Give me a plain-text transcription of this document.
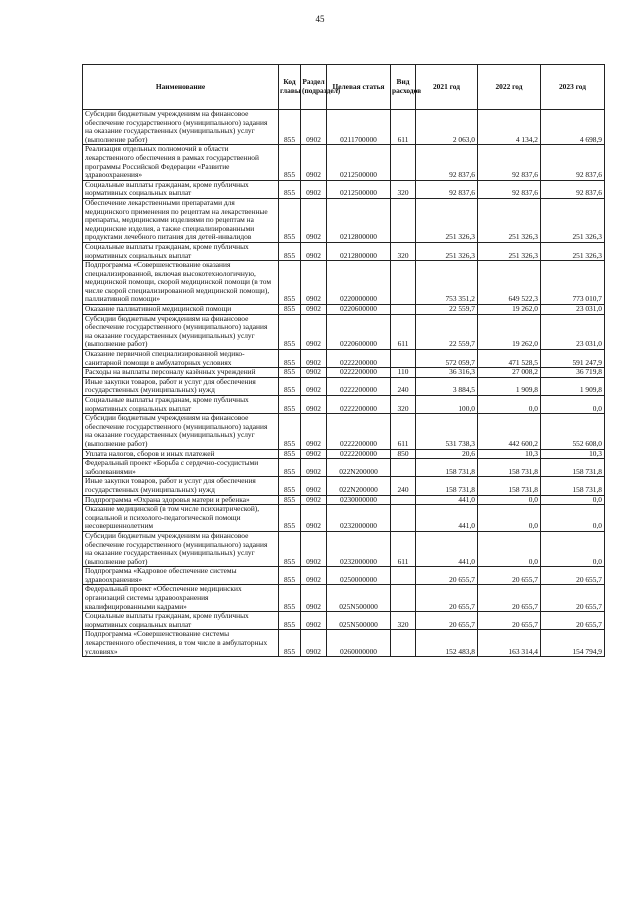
45
Наименование	Код главы	Раздел (подраздел)	Целевая статья	Вид расходов	2021 год	2022 год	2023 год
Субсидии бюджетным учреждениям на финансовое обеспечение государственного (муниципального) задания на оказание государственных (муниципальных) услуг (выполнение работ)	855	0902	0211700000	611	2 063,0	4 134,2	4 698,9
Реализация отдельных полномочий в области лекарственного обеспечения в рамках государственной программы Российской Федерации «Развитие здравоохранения»	855	0902	0212500000		92 837,6	92 837,6	92 837,6
Социальные выплаты гражданам, кроме публичных нормативных социальных выплат	855	0902	0212500000	320	92 837,6	92 837,6	92 837,6
Обеспечение лекарственными препаратами для медицинского применения по рецептам на лекарственные препараты, медицинскими изделиями по рецептам на медицинские изделия, а также специализированными продуктами лечебного питания для детей-инвалидов	855	0902	0212800000		251 326,3	251 326,3	251 326,3
Социальные выплаты гражданам, кроме публичных нормативных социальных выплат	855	0902	0212800000	320	251 326,3	251 326,3	251 326,3
Подпрограмма «Совершенствование оказания специализированной, включая высокотехнологичную, медицинской помощи, скорой медицинской помощи (в том числе скорой специализированной медицинской помощи), паллиативной помощи»	855	0902	0220000000		753 351,2	649 522,3	773 010,7
Оказание паллиативной медицинской помощи	855	0902	0220600000		22 559,7	19 262,0	23 031,0
Субсидии бюджетным учреждениям на финансовое обеспечение государственного (муниципального) задания на оказание государственных (муниципальных) услуг (выполнение работ)	855	0902	0220600000	611	22 559,7	19 262,0	23 031,0
Оказание первичной специализированной медико-санитарной помощи в амбулаторных условиях	855	0902	0222200000		572 059,7	471 528,5	591 247,9
Расходы на выплаты персоналу казённых учреждений	855	0902	0222200000	110	36 316,3	27 008,2	36 719,8
Иные закупки товаров, работ и услуг для обеспечения государственных (муниципальных) нужд	855	0902	0222200000	240	3 884,5	1 909,8	1 909,8
Социальные выплаты гражданам, кроме публичных нормативных социальных выплат	855	0902	0222200000	320	100,0	0,0	0,0
Субсидии бюджетным учреждениям на финансовое обеспечение государственного (муниципального) задания на оказание государственных (муниципальных) услуг (выполнение работ)	855	0902	0222200000	611	531 738,3	442 600,2	552 608,0
Уплата налогов, сборов и иных платежей	855	0902	0222200000	850	20,6	10,3	10,3
Федеральный проект «Борьба с сердечно-сосудистыми заболеваниями»	855	0902	022N200000		158 731,8	158 731,8	158 731,8
Иные закупки товаров, работ и услуг для обеспечения государственных (муниципальных) нужд	855	0902	022N200000	240	158 731,8	158 731,8	158 731,8
Подпрограмма «Охрана здоровья матери и ребенка»	855	0902	0230000000		441,0	0,0	0,0
Оказание медицинской (в том числе психиатрической), социальной и психолого-педагогической помощи несовершеннолетним	855	0902	0232000000		441,0	0,0	0,0
Субсидии бюджетным учреждениям на финансовое обеспечение государственного (муниципального) задания на оказание государственных (муниципальных) услуг (выполнение работ)	855	0902	0232000000	611	441,0	0,0	0,0
Подпрограмма «Кадровое обеспечение системы здравоохранения»	855	0902	0250000000		20 655,7	20 655,7	20 655,7
Федеральный проект «Обеспечение медицинских организаций системы здравоохранения квалифицированными кадрами»	855	0902	025N500000		20 655,7	20 655,7	20 655,7
Социальные выплаты гражданам, кроме публичных нормативных социальных выплат	855	0902	025N500000	320	20 655,7	20 655,7	20 655,7
Подпрограмма «Совершенствование системы лекарственного обеспечения, в том числе в амбулаторных условиях»	855	0902	0260000000		152 483,8	163 314,4	154 794,9
